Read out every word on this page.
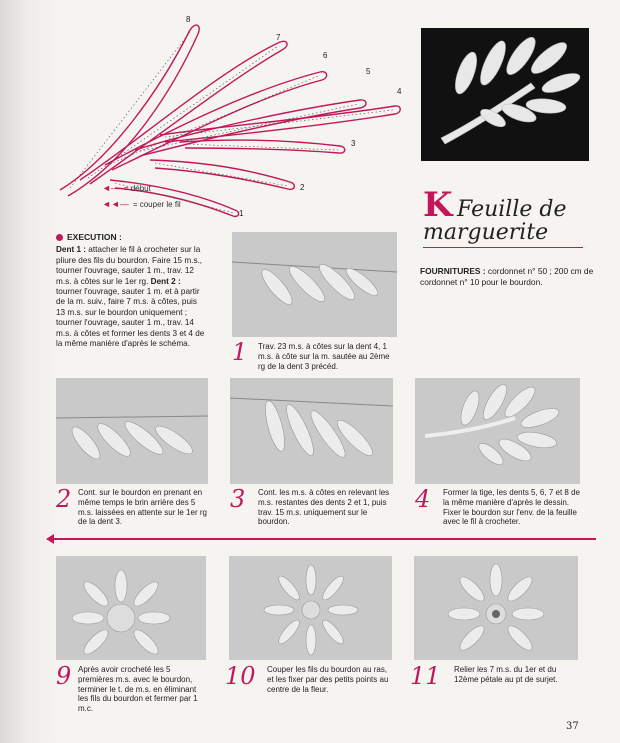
8
7
6
5
4
3
2
1
◄— = début
◄◄— = couper le fil
EXECUTION :
Dent 1 : attacher le fil à crocheter sur la pliure des fils du bourdon. Faire 15 m.s., tourner l'ouvrage, sauter 1 m., trav. 12 m.s. à côtes sur le 1er rg. Dent 2 : tourner l'ouvrage, sauter 1 m. et à partir de la m. suiv., faire 7 m.s. à côtes, puis 13 m.s. sur le bourdon uniquement ; tourner l'ouvrage, sauter 1 m., trav. 14 m.s. à côtes et former les dents 3 et 4 de la même manière d'après le schéma.
K Feuille de
marguerite
FOURNITURES : cordonnet n° 50 ; 200 cm de cordonnet n° 10 pour le bourdon.
1 Trav. 23 m.s. à côtes sur la dent 4, 1 m.s. à côte sur la m. sautée au 2ème rg de la dent 3 précéd.
2 Cont. sur le bourdon en prenant en même temps le brin arrière des 5 m.s. laissées en attente sur le 1er rg de la dent 3.
3 Cont. les m.s. à côtes en relevant les m.s. restantes des dents 2 et 1, puis trav. 15 m.s. uniquement sur le bourdon.
4 Former la tige, les dents 5, 6, 7 et 8 de la même manière d'après le dessin. Fixer le bourdon sur l'env. de la feuille avec le fil à crocheter.
9 Après avoir crocheté les 5 premières m.s. avec le bourdon, terminer le t. de m.s. en éliminant les fils du bourdon et fermer par 1 m.c.
10 Couper les fils du bourdon au ras, et les fixer par des petits points au centre de la fleur.	11 Relier les 7 m.s. du 1er et du 12ème pétale au pt de surjet.
37
